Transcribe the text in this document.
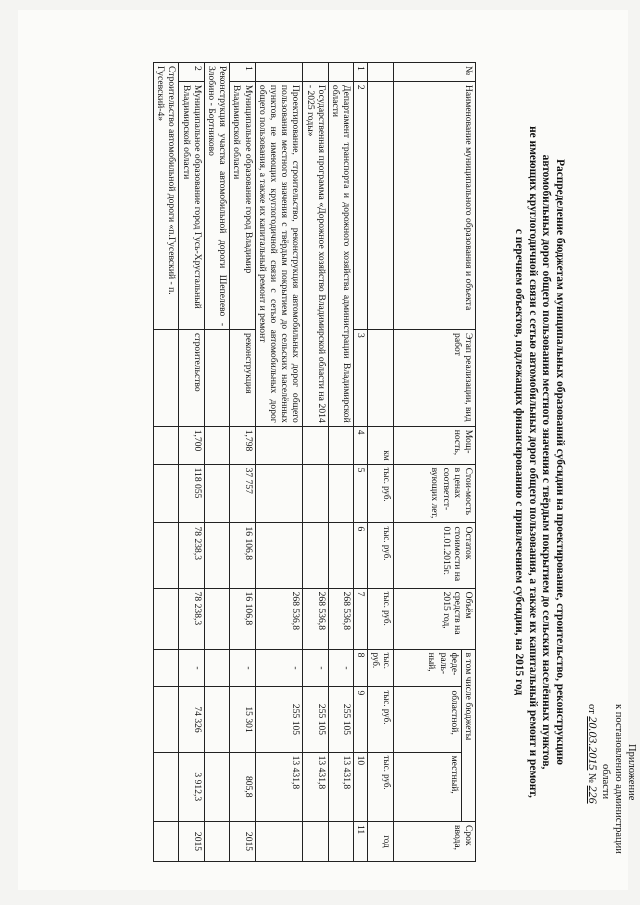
Приложение
к постановлению администрации
области
от 20.03.2015 № 226
Распределение бюджетам муниципальных образований субсидии на проектирование, строительство, реконструкцию
автомобильных дорог общего пользования местного значения с твёрдым покрытием до сельских населённых пунктов,
не имеющих круглогодичной связи с сетью автомобильных дорог общего пользования, а также их капитальный ремонт и ремонт,
с перечнем объектов, подлежащих финансированию с привлечением субсидии, на 2015 год
№	Наименование муниципального образования и объекта	Этап реализации, вид работ	Мощ-ность,	Стои-мость в ценах соответст-вующих лет,	Остаток стоимости на 01.01.2015г.	Объём средств на 2015 год,	в том числе бюджеты			Срок ввода,
							феде-раль-ный,	областной,	местный,	
			км	тыс. руб.	тыс. руб.	тыс. руб.	тыс. руб.	тыс. руб.	тыс. руб.	год
1	2	3	4	5	6	7	8	9	10	11
	Департамент транспорта и дорожного хозяйства администрации Владимирской области					268 536,8	-	255 105	13 431,8	
	Государственная программа «Дорожное хозяйство Владимирской области на 2014 - 2025 годы»					268 536,8	-	255 105	13 431,8	
	Проектирование, строительство, реконструкция автомобильных дорог общего пользования местного значения с твёрдым покрытием до сельских населённых пунктов, не имеющих круглогодичной связи с сетью автомобильных дорог общего пользования, а также их капитальный ремонт и ремонт					268 536,8	-	255 105	13 431,8	
1	Муниципальное образование город Владимир Владимирской области	реконструкция	1,798	37 757	16 106,8	16 106,8	-	15 301	805,8	2015
Реконструкция участка автомобильной дороги Шепелево - Злобино - Бортниково										
2	Муниципальное образование город Гусь-Хрустальный Владимирской области	строительство	1,700	118 055	78 238,3	78 238,3	-	74 326	3 912,3	2015
Строительство автомобильной дороги «п.Гусевский - п. Гусевский-4»										
